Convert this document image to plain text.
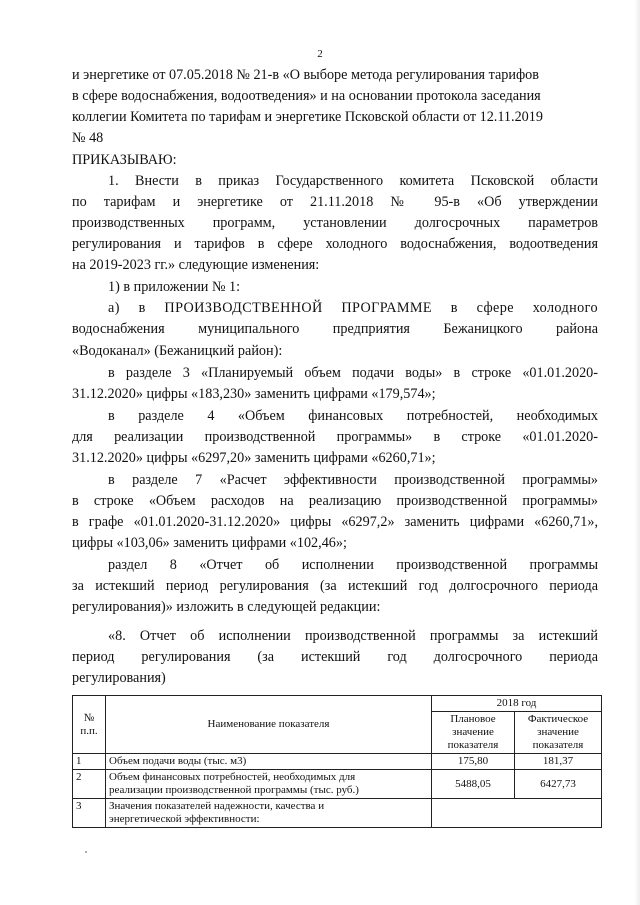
2
и энергетике от 07.05.2018 № 21-в «О выборе метода регулирования тарифов
в сфере водоснабжения, водоотведения» и на основании протокола заседания
коллегии Комитета по тарифам и энергетике Псковской области от 12.11.2019
№ 48
ПРИКАЗЫВАЮ:
1. Внести в приказ Государственного комитета Псковской области
по тарифам и энергетике от 21.11.2018 № 95-в «Об утверждении
производственных программ, установлении долгосрочных параметров
регулирования и тарифов в сфере холодного водоснабжения, водоотведения
на 2019-2023 гг.» следующие изменения:
1) в приложении № 1:
а) в ПРОИЗВОДСТВЕННОЙ ПРОГРАММЕ в сфере холодного
водоснабжения муниципального предприятия Бежаницкого района
«Водоканал» (Бежаницкий район):
в разделе 3 «Планируемый объем подачи воды» в строке «01.01.2020-
31.12.2020» цифры «183,230» заменить цифрами «179,574»;
в разделе 4 «Объем финансовых потребностей, необходимых
для реализации производственной программы» в строке «01.01.2020-
31.12.2020» цифры «6297,20» заменить цифрами «6260,71»;
в разделе 7 «Расчет эффективности производственной программы»
в строке «Объем расходов на реализацию производственной программы»
в графе «01.01.2020-31.12.2020» цифры «6297,2» заменить цифрами «6260,71»,
цифры «103,06» заменить цифрами «102,46»;
раздел 8 «Отчет об исполнении производственной программы
за истекший период регулирования (за истекший год долгосрочного периода
регулирования)» изложить в следующей редакции:
«8. Отчет об исполнении производственной программы за истекший
период регулирования (за истекший год долгосрочного периода
регулирования)
№
п.п.	Наименование показателя	2018 год	
		Плановое
значение
показателя	Фактическое
значение
показателя
1	Объем подачи воды (тыс. м3)	175,80	181,37
2	Объем финансовых потребностей, необходимых для
реализации производственной программы (тыс. руб.)	5488,05	6427,73
3	Значения показателей надежности, качества и
энергетической эффективности:		
